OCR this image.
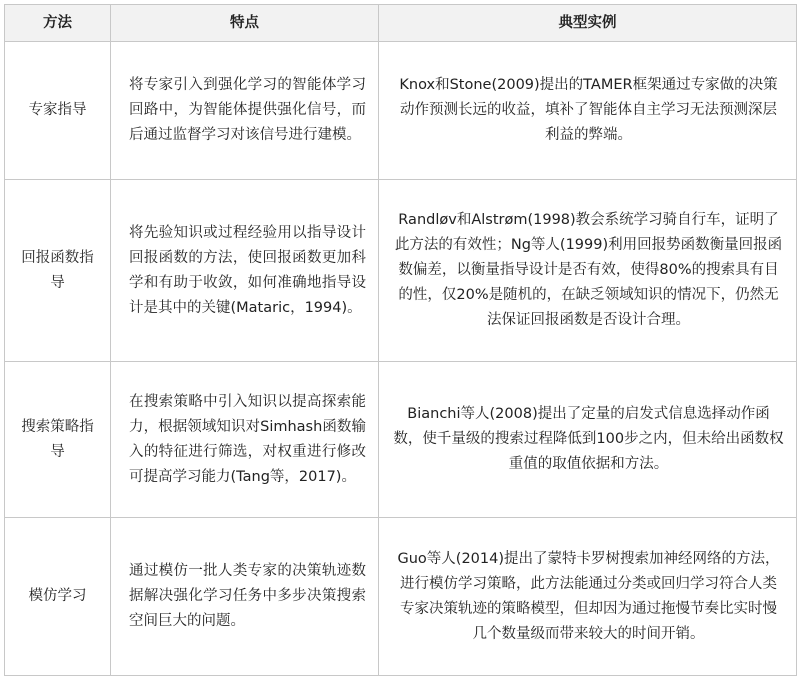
方法	特点	典型实例
专家指导	将专家引入到强化学习的智能体学习回路中，为智能体提供强化信号，而后通过监督学习对该信号进行建模。	Knox和Stone(2009)提出的TAMER框架通过专家做的决策动作预测长远的收益，填补了智能体自主学习无法预测深层利益的弊端。
回报函数指导	将先验知识或过程经验用以指导设计回报函数的方法，使回报函数更加科学和有助于收敛，如何准确地指导设计是其中的关键(Mataric，1994)。	Randløv和Alstrøm(1998)教会系统学习骑自行车，证明了此方法的有效性；Ng等人(1999)利用回报势函数衡量回报函数偏差，以衡量指导设计是否有效，使得80%的搜索具有目的性，仅20%是随机的，在缺乏领域知识的情况下，仍然无法保证回报函数是否设计合理。
搜索策略指导	在搜索策略中引入知识以提高探索能力，根据领域知识对Simhash函数输入的特征进行筛选，对权重进行修改可提高学习能力(Tang等，2017)。	Bianchi等人(2008)提出了定量的启发式信息选择动作函数，使千量级的搜索过程降低到100步之内，但未给出函数权重值的取值依据和方法。
模仿学习	通过模仿一批人类专家的决策轨迹数据解决强化学习任务中多步决策搜索空间巨大的问题。	Guo等人(2014)提出了蒙特卡罗树搜索加神经网络的方法，进行模仿学习策略，此方法能通过分类或回归学习符合人类专家决策轨迹的策略模型，但却因为通过拖慢节奏比实时慢几个数量级而带来较大的时间开销。
